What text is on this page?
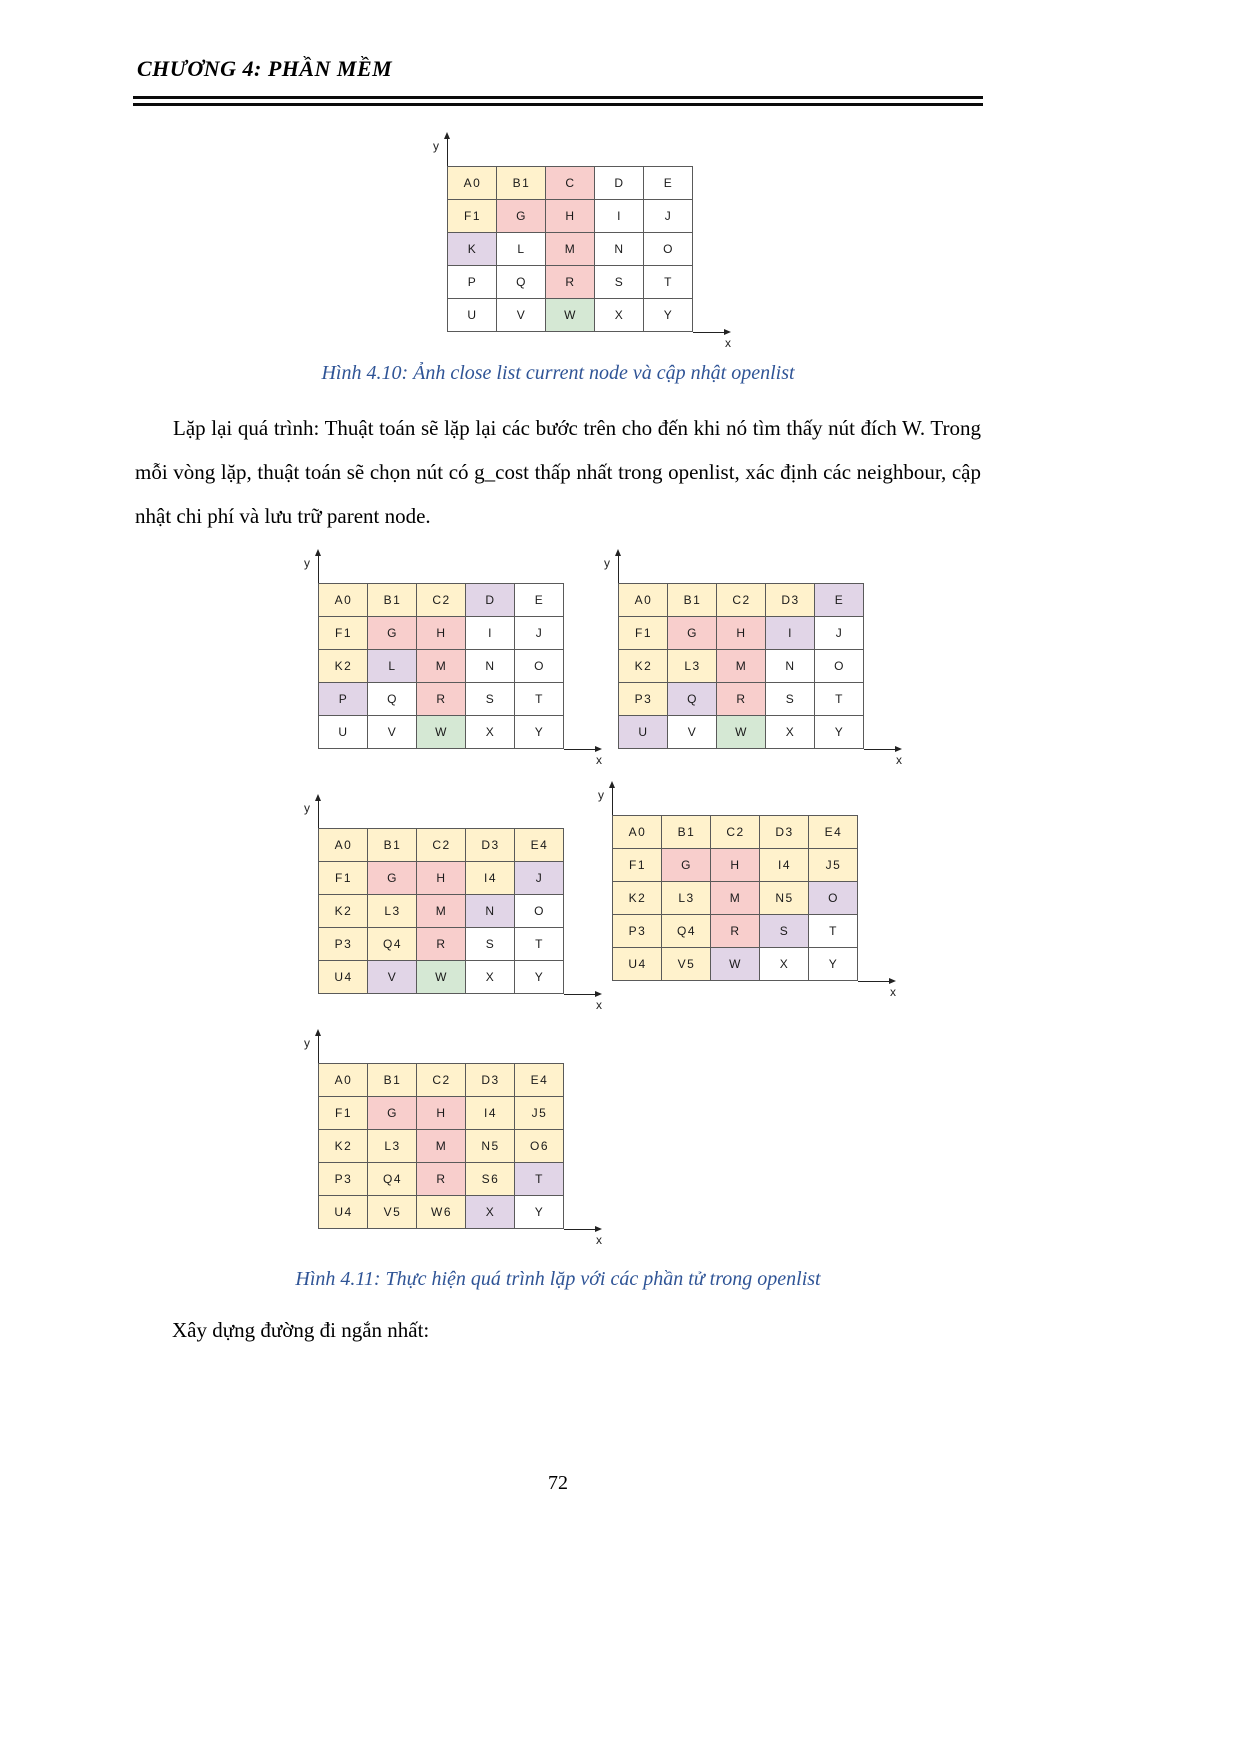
CHƯƠNG 4: PHẦN MỀM
y
x
A0	B1	C	D	E
F1	G	H	I	J
K	L	M	N	O
P	Q	R	S	T
U	V	W	X	Y
Hình 4.10: Ảnh close list current node và cập nhật openlist
Lặp lại quá trình: Thuật toán sẽ lặp lại các bước trên cho đến khi nó tìm thấy nút đích W. Trong mỗi vòng lặp, thuật toán sẽ chọn nút có g_cost thấp nhất trong openlist, xác định các neighbour, cập nhật chi phí và lưu trữ parent node.
y
x
A0	B1	C2	D	E
F1	G	H	I	J
K2	L	M	N	O
P	Q	R	S	T
U	V	W	X	Y
y
x
A0	B1	C2	D3	E
F1	G	H	I	J
K2	L3	M	N	O
P3	Q	R	S	T
U	V	W	X	Y
y
x
A0	B1	C2	D3	E4
F1	G	H	I4	J
K2	L3	M	N	O
P3	Q4	R	S	T
U4	V	W	X	Y
y
x
A0	B1	C2	D3	E4
F1	G	H	I4	J5
K2	L3	M	N5	O
P3	Q4	R	S	T
U4	V5	W	X	Y
y
x
A0	B1	C2	D3	E4
F1	G	H	I4	J5
K2	L3	M	N5	O6
P3	Q4	R	S6	T
U4	V5	W6	X	Y
Hình 4.11: Thực hiện quá trình lặp với các phần tử trong openlist
Xây dựng đường đi ngắn nhất:
72
